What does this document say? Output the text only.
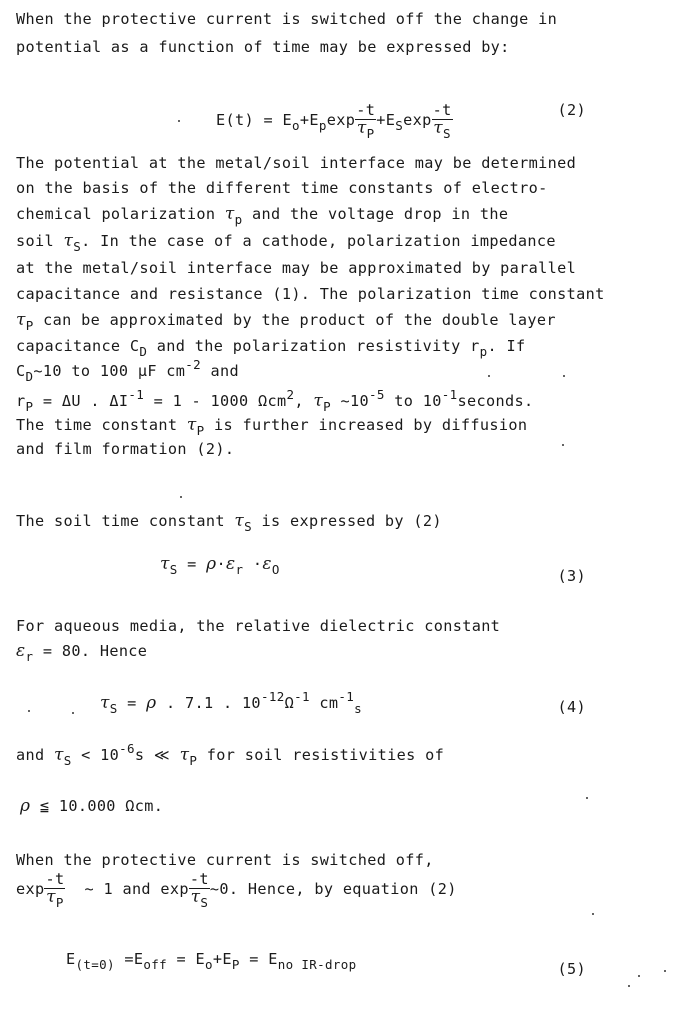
When the protective current is switched off the change in
potential as a function of time may be expressed by:

$E(t) = E_o+E_p\exp \frac{-t}{\tau_P} +E_S\exp \frac{-t}{\tau_S}$

	(2)
The potential at the metal/soil interface may be determined
on the basis of the different time constants of electro-
chemical polarization $\tau_p$ and the voltage drop in the
soil $\tau_S$. In the case of a cathode, polarization impedance
at the metal/soil interface may be approximated by parallel
capacitance and resistance (1). The polarization time constant
$\tau_P$ can be approximated by the product of the double layer
capacitance $C_D$ and the polarization resistivity $r_p$. If
$C_D\sim 10$ to 100 μF $cm^{-2}$ and
$r_P = \Delta U$ . $\Delta I^{-1} = 1 - 1000$ Ωcm$^2$, $\tau_P$ $\sim 10^{-5}$ to $10^{-1}seconds$.
The time constant $\tau_P$ is further increased by diffusion
and film formation (2).
The soil time constant $\tau_S$ is expressed by (2)
$\tau_S = \rho\cdot\varepsilon_r \cdot\varepsilon_O$	(3)
For aqueous media, the relative dielectric constant
$\varepsilon_r = 80$. Hence
$\tau_S = \rho$ . 7.1 . $10^{-12}\Omega^{-1}$ $cm^{-1}_s$	(4)
and $\tau_S < 10^{-6}s$ ≪ $\tau_P$ for soil resistivities of
ρ ≦ 10.000 Ωcm.
When the protective current is switched off,
$\exp \frac{-t}{\tau_P}$ ~ 1 and $\exp \frac{-t}{\tau_S}$ ~0. Hence, by equation (2)
$E_{(t=0)} =E_{off} = E_o+E_P = E_{no IR-drop}$	(5)
